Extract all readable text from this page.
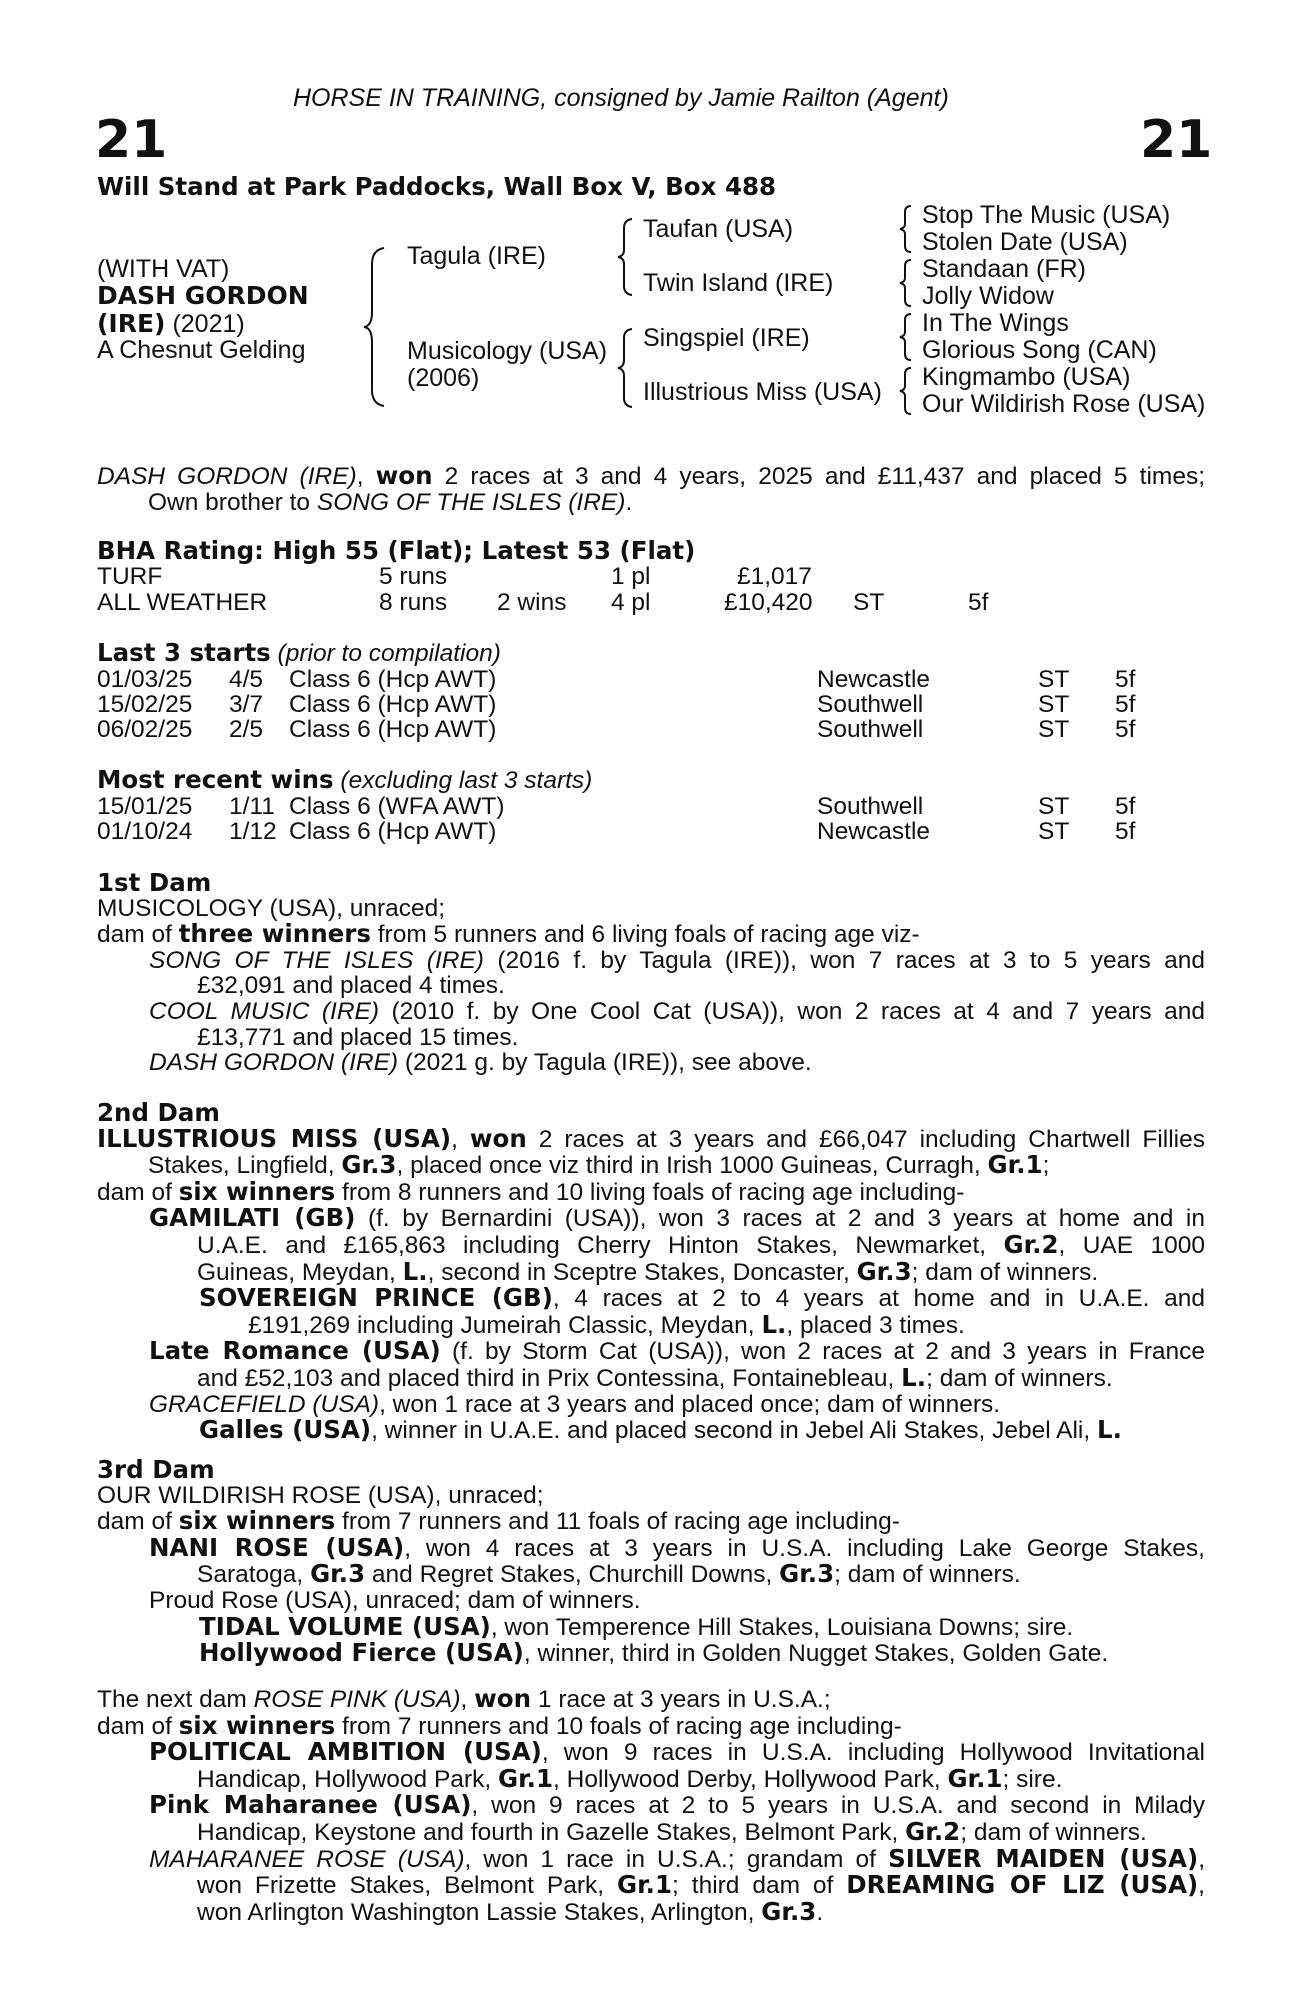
HORSE IN TRAINING, consigned by Jamie Railton (Agent)
21	21
Will Stand at Park Paddocks, Wall Box V, Box 488
(WITH VAT)
DASH GORDON
(IRE) (2021)
A Chesnut Gelding
Tagula (IRE)
Musicology (USA)
(2006)
Taufan (USA)
Twin Island (IRE)
Singspiel (IRE)
Illustrious Miss (USA)
Stop The Music (USA)
Stolen Date (USA)
Standaan (FR)
Jolly Widow
In The Wings
Glorious Song (CAN)
Kingmambo (USA)
Our Wildirish Rose (USA)
DASH GORDON (IRE), won 2 races at 3 and 4 years, 2025 and £11,437 and placed 5 times;
Own brother to SONG OF THE ISLES (IRE).
BHA Rating: High 55 (Flat); Latest 53 (Flat)
TURF	5 runs	1 pl	£1,017
ALL WEATHER	8 runs 2 wins 4 pl	£10,420 ST	5f
Last 3 starts (prior to compilation)
01/03/25 4/5 Class 6 (Hcp AWT)	Newcastle	ST 5f
15/02/25 3/7 Class 6 (Hcp AWT)	Southwell	ST 5f
06/02/25 2/5 Class 6 (Hcp AWT)	Southwell	ST 5f
Most recent wins (excluding last 3 starts)
15/01/25 1/11 Class 6 (WFA AWT)	Southwell	ST 5f
01/10/24 1/12 Class 6 (Hcp AWT)	Newcastle	ST 5f
1st Dam
MUSICOLOGY (USA), unraced;
dam of three winners from 5 runners and 6 living foals of racing age viz-
SONG OF THE ISLES (IRE) (2016 f. by Tagula (IRE)), won 7 races at 3 to 5 years and
£32,091 and placed 4 times.
COOL MUSIC (IRE) (2010 f. by One Cool Cat (USA)), won 2 races at 4 and 7 years and
£13,771 and placed 15 times.
DASH GORDON (IRE) (2021 g. by Tagula (IRE)), see above.
2nd Dam
ILLUSTRIOUS MISS (USA), won 2 races at 3 years and £66,047 including Chartwell Fillies
Stakes, Lingfield, Gr.3, placed once viz third in Irish 1000 Guineas, Curragh, Gr.1;
dam of six winners from 8 runners and 10 living foals of racing age including-
GAMILATI (GB) (f. by Bernardini (USA)), won 3 races at 2 and 3 years at home and in
U.A.E. and £165,863 including Cherry Hinton Stakes, Newmarket, Gr.2, UAE 1000
Guineas, Meydan, L., second in Sceptre Stakes, Doncaster, Gr.3; dam of winners.
SOVEREIGN PRINCE (GB), 4 races at 2 to 4 years at home and in U.A.E. and
£191,269 including Jumeirah Classic, Meydan, L., placed 3 times.
Late Romance (USA) (f. by Storm Cat (USA)), won 2 races at 2 and 3 years in France
and £52,103 and placed third in Prix Contessina, Fontainebleau, L.; dam of winners.
GRACEFIELD (USA), won 1 race at 3 years and placed once; dam of winners.
Galles (USA), winner in U.A.E. and placed second in Jebel Ali Stakes, Jebel Ali, L.
3rd Dam
OUR WILDIRISH ROSE (USA), unraced;
dam of six winners from 7 runners and 11 foals of racing age including-
NANI ROSE (USA), won 4 races at 3 years in U.S.A. including Lake George Stakes,
Saratoga, Gr.3 and Regret Stakes, Churchill Downs, Gr.3; dam of winners.
Proud Rose (USA), unraced; dam of winners.
TIDAL VOLUME (USA), won Temperence Hill Stakes, Louisiana Downs; sire.
Hollywood Fierce (USA), winner, third in Golden Nugget Stakes, Golden Gate.
The next dam ROSE PINK (USA), won 1 race at 3 years in U.S.A.;
dam of six winners from 7 runners and 10 foals of racing age including-
POLITICAL AMBITION (USA), won 9 races in U.S.A. including Hollywood Invitational
Handicap, Hollywood Park, Gr.1, Hollywood Derby, Hollywood Park, Gr.1; sire.
Pink Maharanee (USA), won 9 races at 2 to 5 years in U.S.A. and second in Milady
Handicap, Keystone and fourth in Gazelle Stakes, Belmont Park, Gr.2; dam of winners.
MAHARANEE ROSE (USA), won 1 race in U.S.A.; grandam of SILVER MAIDEN (USA),
won Frizette Stakes, Belmont Park, Gr.1; third dam of DREAMING OF LIZ (USA),
won Arlington Washington Lassie Stakes, Arlington, Gr.3.
